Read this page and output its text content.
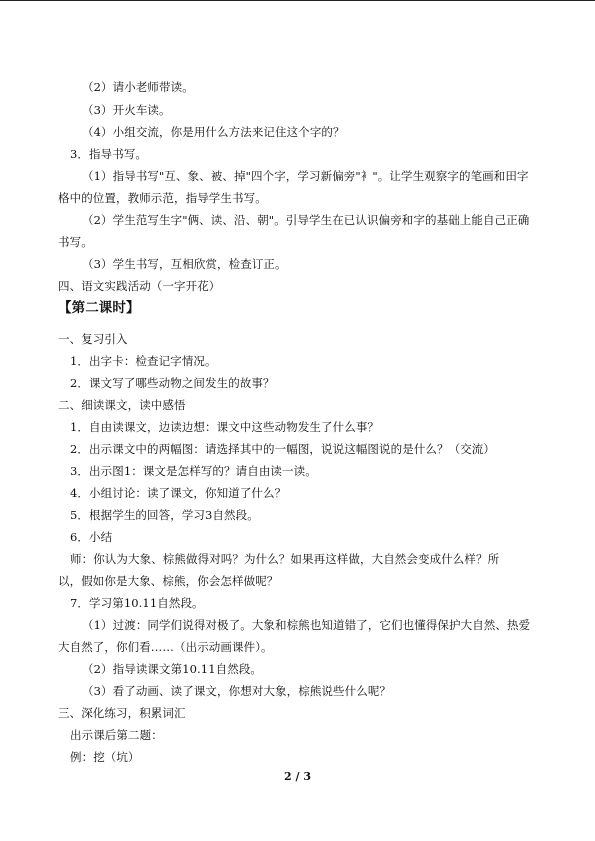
（2）请小老师带读。
（3）开火车读。
（4）小组交流，你是用什么方法来记住这个字的？
3．指导书写。
（1）指导书写"互、象、被、掉"四个字，学习新偏旁"衤"。让学生观察字的笔画和田字
格中的位置，教师示范，指导学生书写。
（2）学生范写生字"俩、读、沿、朝"。引导学生在已认识偏旁和字的基础上能自己正确
书写。
（3）学生书写，互相欣赏，检查订正。
四、语文实践活动（一字开花）
【第二课时】
一、复习引入
1．出字卡：检查记字情况。
2．课文写了哪些动物之间发生的故事？
二、细读课文，读中感悟
1．自由读课文，边读边想：课文中这些动物发生了什么事？
2．出示课文中的两幅图：请选择其中的一幅图，说说这幅图说的是什么？（交流）
3．出示图1：课文是怎样写的？请自由读一读。
4．小组讨论：读了课文，你知道了什么？
5．根据学生的回答，学习3自然段。
6．小结
师：你认为大象、棕熊做得对吗？为什么？如果再这样做，大自然会变成什么样？所
以，假如你是大象、棕熊，你会怎样做呢？
7．学习第10.11自然段。
（1）过渡：同学们说得对极了。大象和棕熊也知道错了，它们也懂得保护大自然、热爱
大自然了，你们看……（出示动画课件）。
（2）指导读课文第10.11自然段。
（3）看了动画、读了课文，你想对大象，棕熊说些什么呢？
三、深化练习，积累词汇
出示课后第二题：
例：挖（坑）
2 / 3
